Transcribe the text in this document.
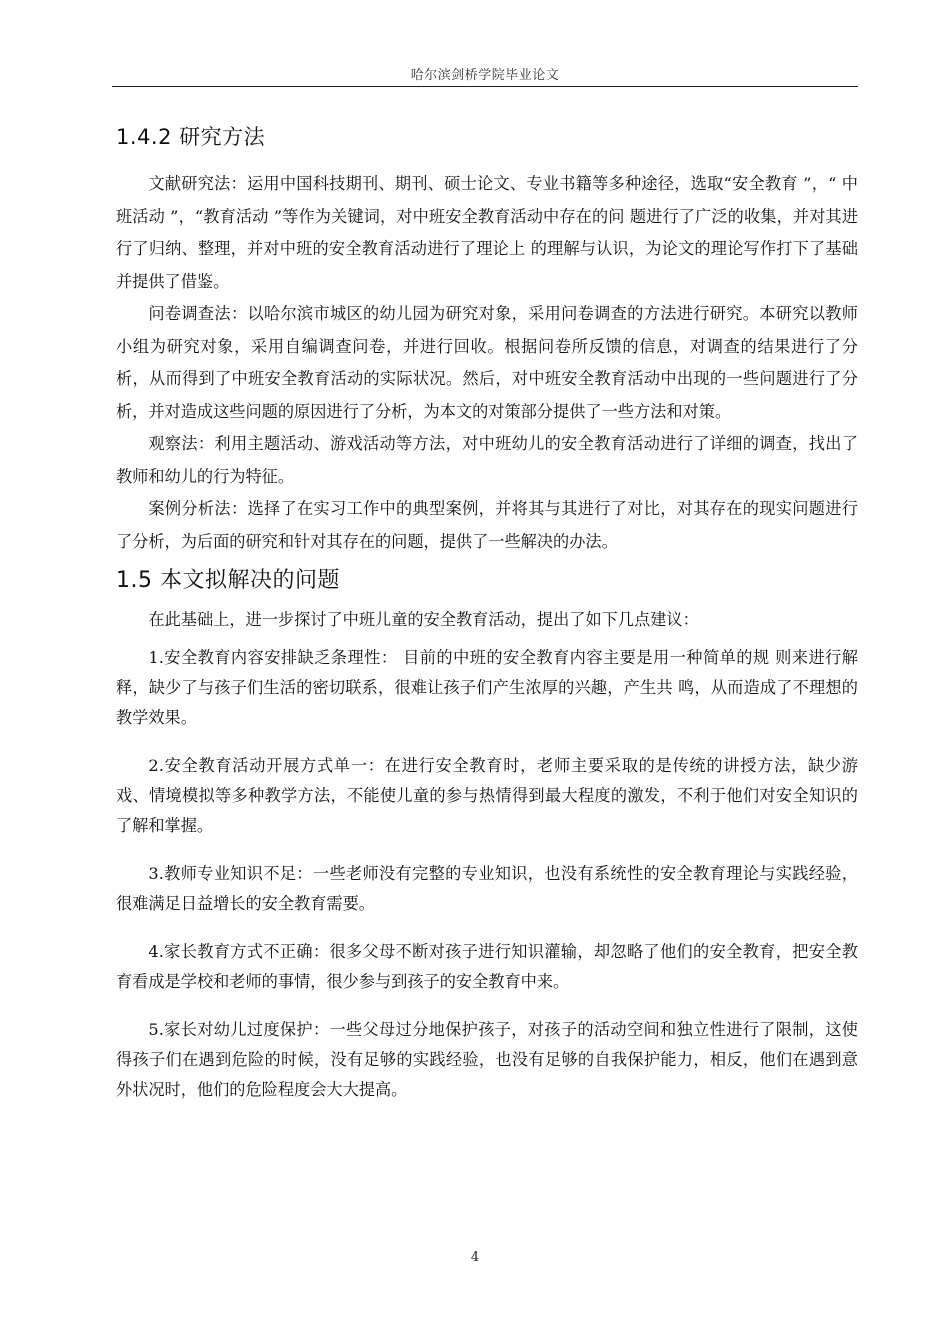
哈尔滨剑桥学院毕业论文
1.4.2 研究方法

文献研究法：运用中国科技期刊、期刊、硕士论文、专业书籍等多种途径，选取“安全教育 ”，“ 中班活动 ”，“教育活动 ”等作为关键词，对中班安全教育活动中存在的问 题进行了广泛的收集，并对其进行了归纳、整理，并对中班的安全教育活动进行了理论上 的理解与认识，为论文的理论写作打下了基础并提供了借鉴。

问卷调查法：以哈尔滨市城区的幼儿园为研究对象，采用问卷调查的方法进行研究。本研究以教师小组为研究对象，采用自编调查问卷，并进行回收。根据问卷所反馈的信息，对调查的结果进行了分析，从而得到了中班安全教育活动的实际状况。然后，对中班安全教育活动中出现的一些问题进行了分析，并对造成这些问题的原因进行了分析，为本文的对策部分提供了一些方法和对策。

观察法：利用主题活动、游戏活动等方法，对中班幼儿的安全教育活动进行了详细的调查，找出了教师和幼儿的行为特征。

案例分析法：选择了在实习工作中的典型案例，并将其与其进行了对比，对其存在的现实问题进行了分析，为后面的研究和针对其存在的问题，提供了一些解决的办法。

1.5 本文拟解决的问题

在此基础上，进一步探讨了中班儿童的安全教育活动，提出了如下几点建议：

1.安全教育内容安排缺乏条理性： 目前的中班的安全教育内容主要是用一种简单的规 则来进行解释，缺少了与孩子们生活的密切联系，很难让孩子们产生浓厚的兴趣，产生共 鸣，从而造成了不理想的教学效果。

2.安全教育活动开展方式单一：在进行安全教育时，老师主要采取的是传统的讲授方法，缺少游戏、情境模拟等多种教学方法，不能使儿童的参与热情得到最大程度的激发，不利于他们对安全知识的了解和掌握。

3.教师专业知识不足：一些老师没有完整的专业知识，也没有系统性的安全教育理论与实践经验，很难满足日益增长的安全教育需要。

4.家长教育方式不正确：很多父母不断对孩子进行知识灌输，却忽略了他们的安全教育，把安全教育看成是学校和老师的事情，很少参与到孩子的安全教育中来。

5.家长对幼儿过度保护：一些父母过分地保护孩子，对孩子的活动空间和独立性进行了限制，这使得孩子们在遇到危险的时候，没有足够的实践经验，也没有足够的自我保护能力，相反，他们在遇到意外状况时，他们的危险程度会大大提高。

4
